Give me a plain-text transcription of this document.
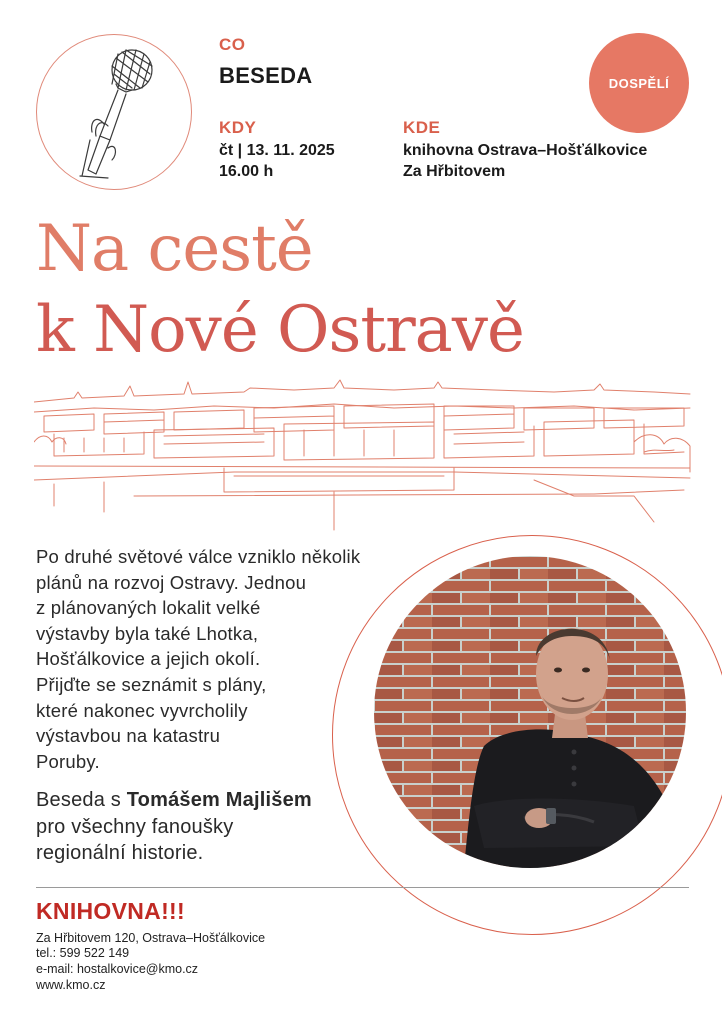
CO
BESEDA
KDY
čt | 13. 11. 2025
16.00 h
KDE
knihovna Ostrava–Hošťálkovice
Za Hřbitovem
DOSPĚLÍ
Na cestě
k Nové Ostravě

Po druhé světové válce vzniklo několik
plánů na rozvoj Ostravy. Jednou
z plánovaných lokalit velké
výstavby byla také Lhotka,
Hošťálkovice a jejich okolí.
Přijďte se seznámit s plány,
které nakonec vyvrcholily
výstavbou na katastru
Poruby.

Beseda s Tomášem Majlišem
pro všechny fanoušky
regionální historie.

KNIHOVNA!!!
Za Hřbitovem 120, Ostrava–Hošťálkovice
tel.: 599 522 149
e-mail: hostalkovice@kmo.cz
www.kmo.cz
